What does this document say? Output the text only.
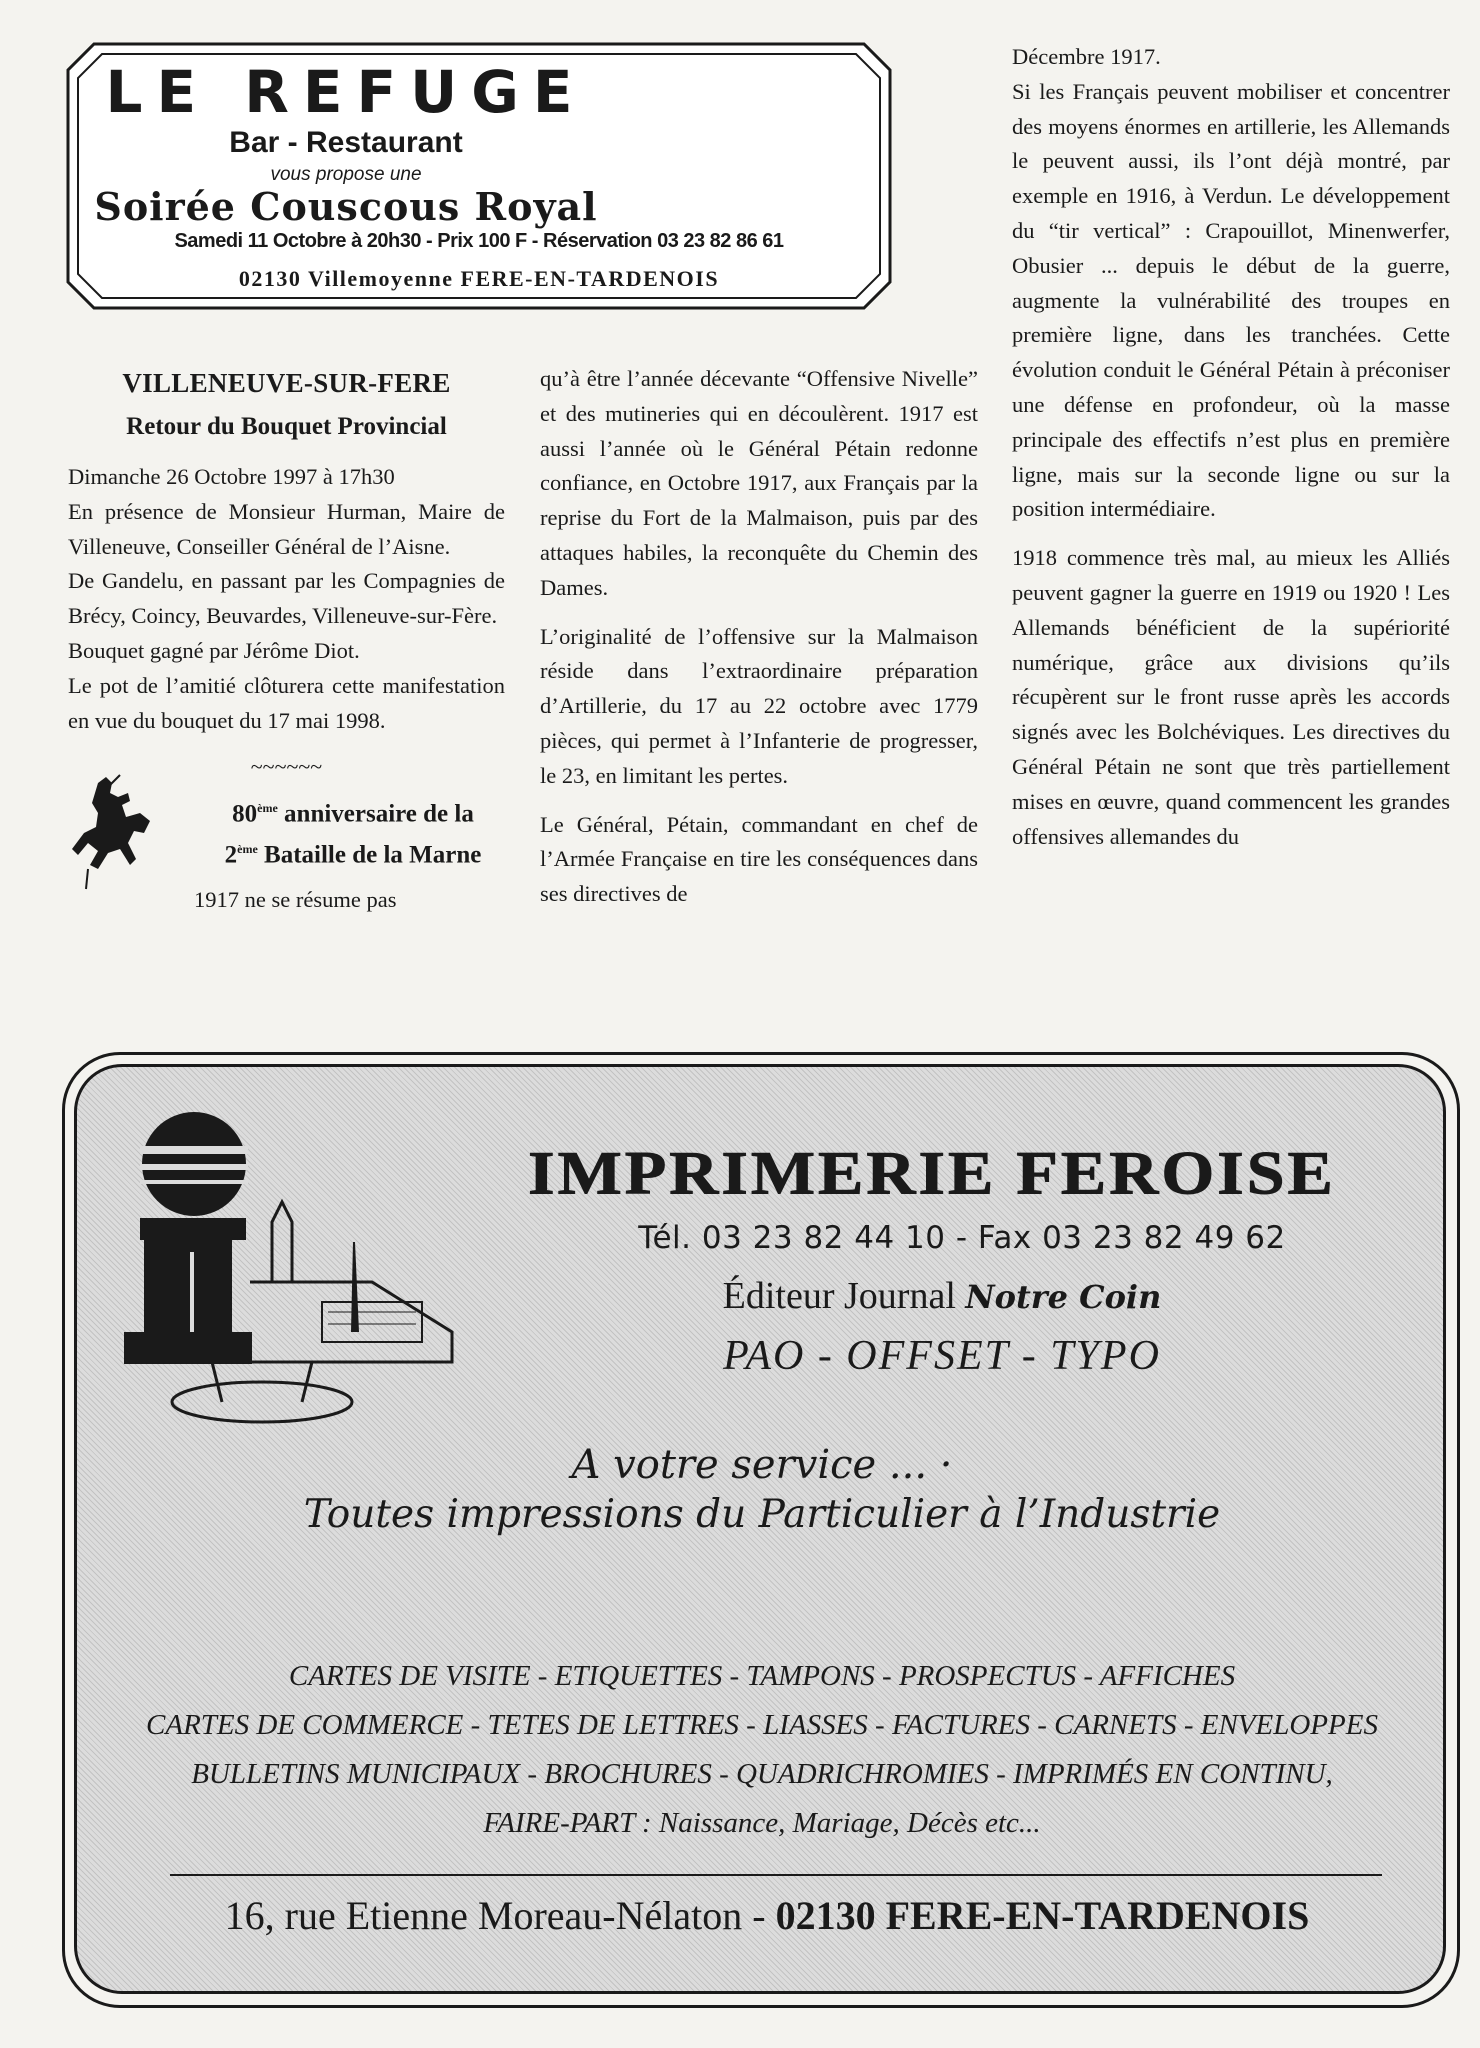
LE REFUGE
Bar - Restaurant
vous propose une
Soirée Couscous Royal
Samedi 11 Octobre à 20h30 - Prix 100 F - Réservation 03 23 82 86 61
02130 Villemoyenne FERE-EN-TARDENOIS
VILLENEUVE-SUR-FERE
Retour du Bouquet Provincial
Dimanche 26 Octobre 1997 à 17h30
En présence de Monsieur Hurman, Maire de Villeneuve, Conseiller Général de l’Aisne.
De Gandelu, en passant par les Compagnies de Brécy, Coincy, Beuvardes, Villeneuve-sur-Fère.
Bouquet gagné par Jérôme Diot.
Le pot de l’amitié clôturera cette manifestation en vue du bouquet du 17 mai 1998.
~~~~~~
80ème anniversaire de la
2ème Bataille de la Marne
1917 ne se résume pas

qu’à être l’année décevante “Offensive Nivelle” et des mutineries qui en découlèrent. 1917 est aussi l’année où le Général Pétain redonne confiance, en Octobre 1917, aux Français par la reprise du Fort de la Malmaison, puis par des attaques habiles, la reconquête du Chemin des Dames.

L’originalité de l’offensive sur la Malmaison réside dans l’extraordinaire préparation d’Artillerie, du 17 au 22 octobre avec 1779 pièces, qui permet à l’Infanterie de progresser, le 23, en limitant les pertes.

Le Général, Pétain, commandant en chef de l’Armée Française en tire les conséquences dans ses directives de

Décembre 1917.

Si les Français peuvent mobiliser et concentrer des moyens énormes en artillerie, les Allemands le peuvent aussi, ils l’ont déjà montré, par exemple en 1916, à Verdun. Le développement du “tir vertical” : Crapouillot, Minenwerfer, Obusier ... depuis le début de la guerre, augmente la vulnérabilité des troupes en première ligne, dans les tranchées. Cette évolution conduit le Général Pétain à préconiser une défense en profondeur, où la masse principale des effectifs n’est plus en première ligne, mais sur la seconde ligne ou sur la position intermédiaire.

1918 commence très mal, au mieux les Alliés peuvent gagner la guerre en 1919 ou 1920 ! Les Allemands bénéficient de la supériorité numérique, grâce aux divisions qu’ils récupèrent sur le front russe après les accords signés avec les Bolchéviques. Les directives du Général Pétain ne sont que très partiellement mises en œuvre, quand commencent les grandes offensives allemandes du

IMPRIMERIE FEROISE
Tél. 03 23 82 44 10 - Fax 03 23 82 49 62
Éditeur Journal Notre Coin
PAO - OFFSET - TYPO
A votre service ... ·
Toutes impressions du Particulier à l’Industrie
CARTES DE VISITE - ETIQUETTES - TAMPONS - PROSPECTUS - AFFICHES
CARTES DE COMMERCE - TETES DE LETTRES - LIASSES - FACTURES - CARNETS - ENVELOPPES
BULLETINS MUNICIPAUX - BROCHURES - QUADRICHROMIES - IMPRIMÉS EN CONTINU,
FAIRE-PART : Naissance, Mariage, Décès etc...
16, rue Etienne Moreau-Nélaton - 02130 FERE-EN-TARDENOIS
